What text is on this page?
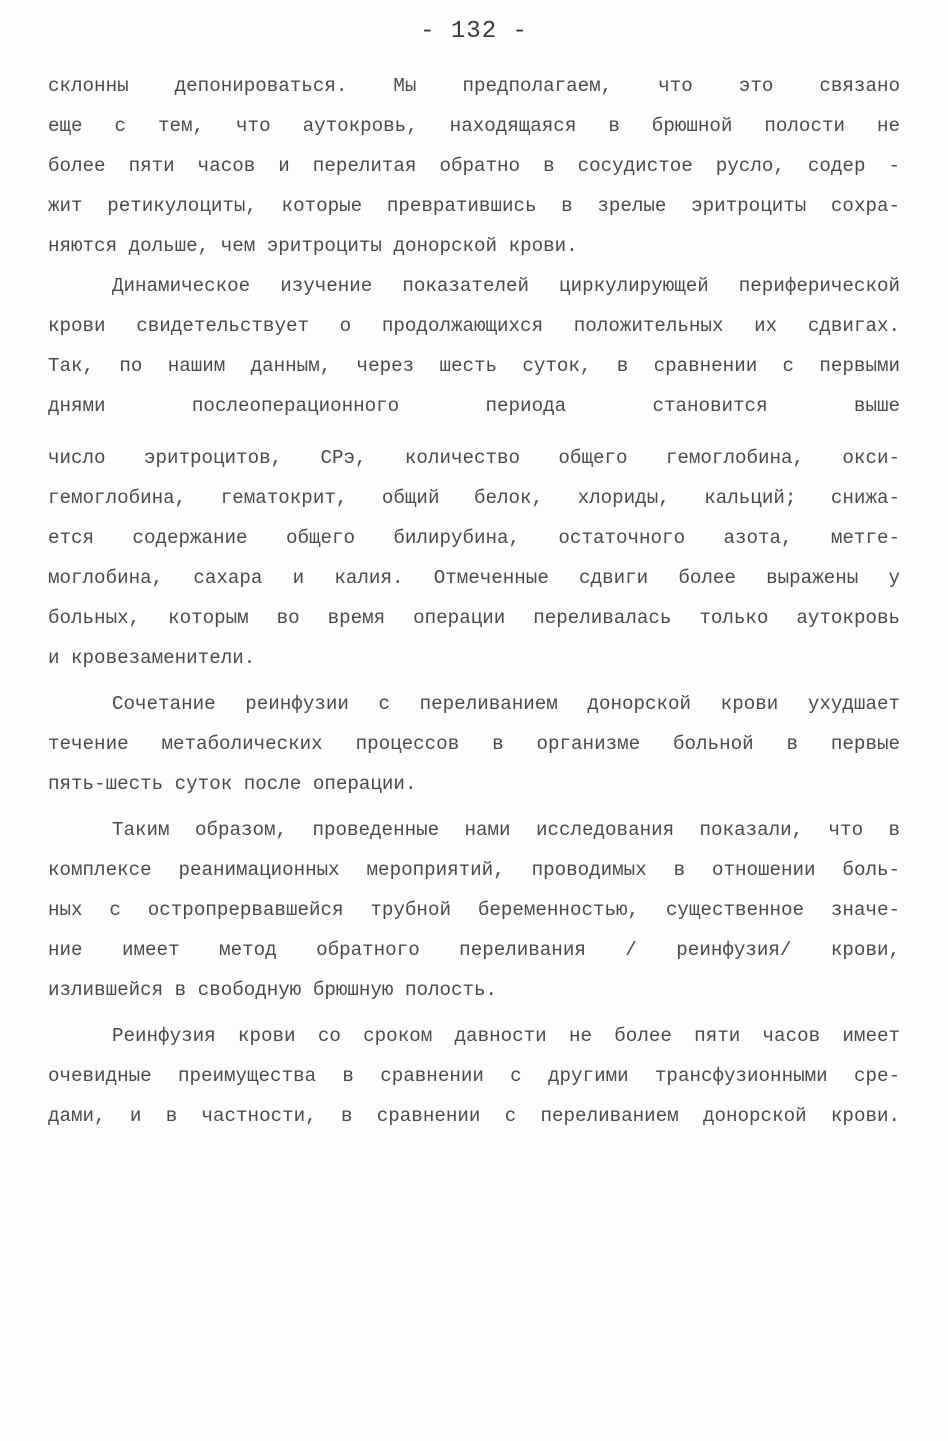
- 132 -
склонны депонироваться. Мы предполагаем, что это связано
еще с тем, что аутокровь, находящаяся в брюшной полости не
более пяти часов и перелитая обратно в сосудистое русло, содер -
жит ретикулоциты, которые превратившись в зрелые эритроциты сохра-
няются дольше, чем эритроциты донорской крови.
Динамическое изучение показателей циркулирующей периферической
крови свидетельствует о продолжающихся положительных их сдвигах.
Так, по нашим данным, через шесть суток, в сравнении с первыми
днями послеоперационного периода становится выше
число эритроцитов, СРэ, количество общего гемоглобина, окси-
гемоглобина, гематокрит, общий белок, хлориды, кальций; снижа-
ется содержание общего билирубина, остаточного азота, метге-
моглобина, сахара и калия. Отмеченные сдвиги более выражены у
больных, которым во время операции переливалась только аутокровь
и кровезаменители.
Сочетание реинфузии с переливанием донорской крови ухудшает
течение метаболических процессов в организме больной в первые
пять-шесть суток после операции.
Таким образом, проведенные нами исследования показали, что в
комплексе реанимационных мероприятий, проводимых в отношении боль-
ных с остропрервавшейся трубной беременностью, существенное значе-
ние имеет метод обратного переливания / реинфузия/ крови,
излившейся в свободную брюшную полость.
Реинфузия крови со сроком давности не более пяти часов имеет
очевидные преимущества в сравнении с другими трансфузионными сре-
дами, и в частности, в сравнении с переливанием донорской крови.
